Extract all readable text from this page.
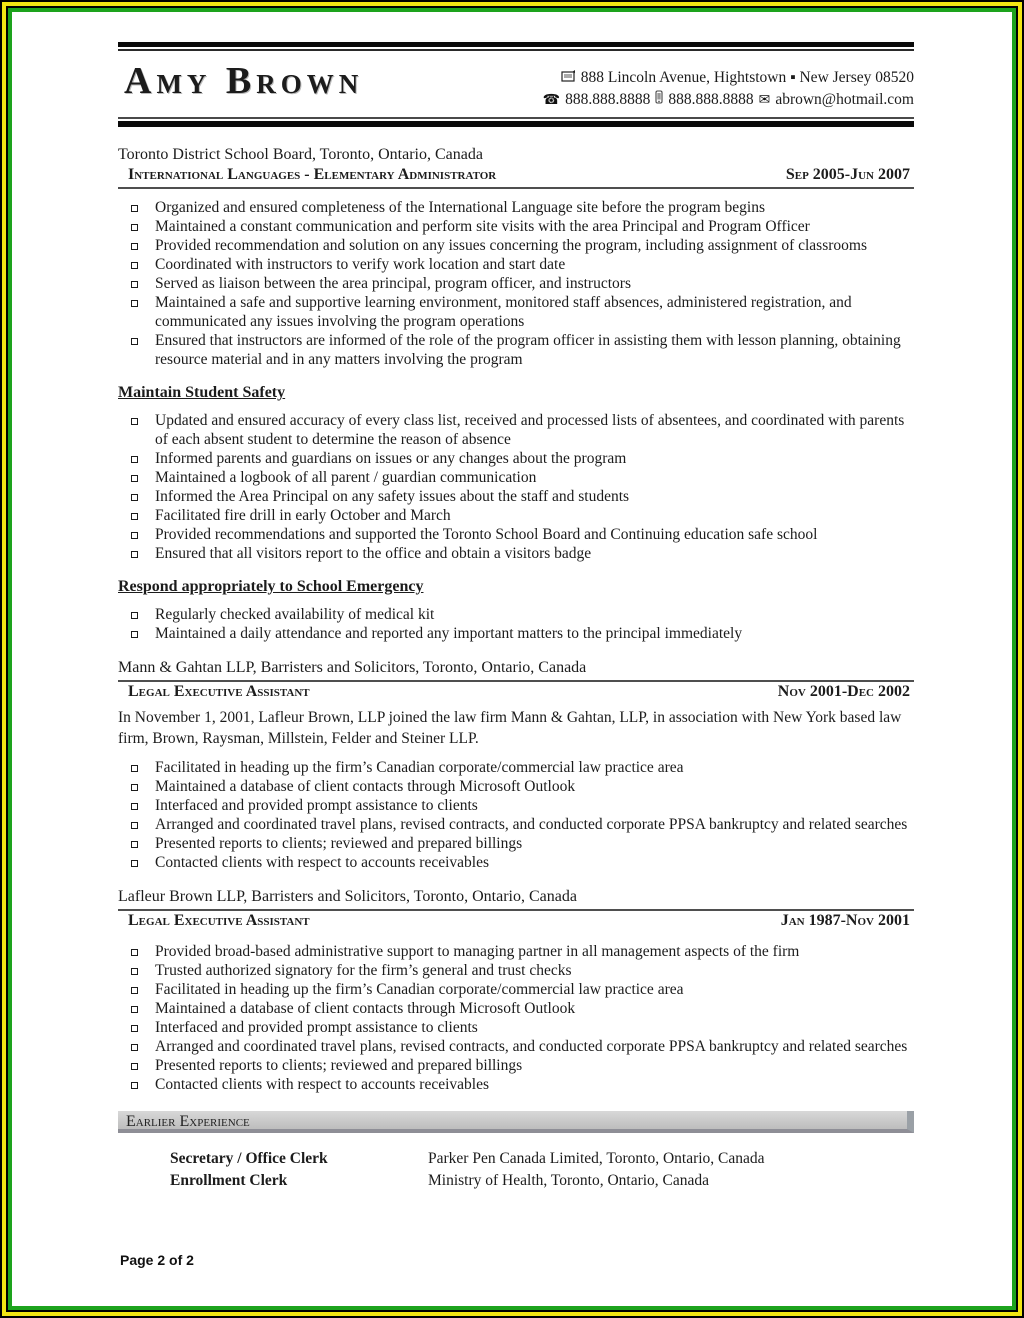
Amy Brown	888 Lincoln Avenue, Hightstown ▪ New Jersey 08520
☎ 888.888.8888 888.888.8888 ✉ abrown@hotmail.com
Toronto District School Board, Toronto, Ontario, Canada
International Languages - Elementary Administrator	Sep 2005-Jun 2007
Organized and ensured completeness of the International Language site before the program begins
Maintained a constant communication and perform site visits with the area Principal and Program Officer
Provided recommendation and solution on any issues concerning the program, including assignment of classrooms
Coordinated with instructors to verify work location and start date
Served as liaison between the area principal, program officer, and instructors
Maintained a safe and supportive learning environment, monitored staff absences, administered registration, and communicated any issues involving the program operations
Ensured that instructors are informed of the role of the program officer in assisting them with lesson planning, obtaining resource material and in any matters involving the program
Maintain Student Safety
Updated and ensured accuracy of every class list, received and processed lists of absentees, and coordinated with parents of each absent student to determine the reason of absence
Informed parents and guardians on issues or any changes about the program
Maintained a logbook of all parent / guardian communication
Informed the Area Principal on any safety issues about the staff and students
Facilitated fire drill in early October and March
Provided recommendations and supported the Toronto School Board and Continuing education safe school
Ensured that all visitors report to the office and obtain a visitors badge
Respond appropriately to School Emergency
Regularly checked availability of medical kit
Maintained a daily attendance and reported any important matters to the principal immediately
Mann & Gahtan LLP, Barristers and Solicitors, Toronto, Ontario, Canada
Legal Executive Assistant	Nov 2001-Dec 2002
In November 1, 2001, Lafleur Brown, LLP joined the law firm Mann & Gahtan, LLP, in association with New York based law firm, Brown, Raysman, Millstein, Felder and Steiner LLP.
Facilitated in heading up the firm’s Canadian corporate/commercial law practice area
Maintained a database of client contacts through Microsoft Outlook
Interfaced and provided prompt assistance to clients
Arranged and coordinated travel plans, revised contracts, and conducted corporate PPSA bankruptcy and related searches
Presented reports to clients; reviewed and prepared billings
Contacted clients with respect to accounts receivables
Lafleur Brown LLP, Barristers and Solicitors, Toronto, Ontario, Canada
Legal Executive Assistant	Jan 1987-Nov 2001
Provided broad-based administrative support to managing partner in all management aspects of the firm
Trusted authorized signatory for the firm’s general and trust checks
Facilitated in heading up the firm’s Canadian corporate/commercial law practice area
Maintained a database of client contacts through Microsoft Outlook
Interfaced and provided prompt assistance to clients
Arranged and coordinated travel plans, revised contracts, and conducted corporate PPSA bankruptcy and related searches
Presented reports to clients; reviewed and prepared billings
Contacted clients with respect to accounts receivables
Earlier Experience
Secretary / Office Clerk	Parker Pen Canada Limited, Toronto, Ontario, Canada
Enrollment Clerk	Ministry of Health, Toronto, Ontario, Canada
Page 2 of 2
